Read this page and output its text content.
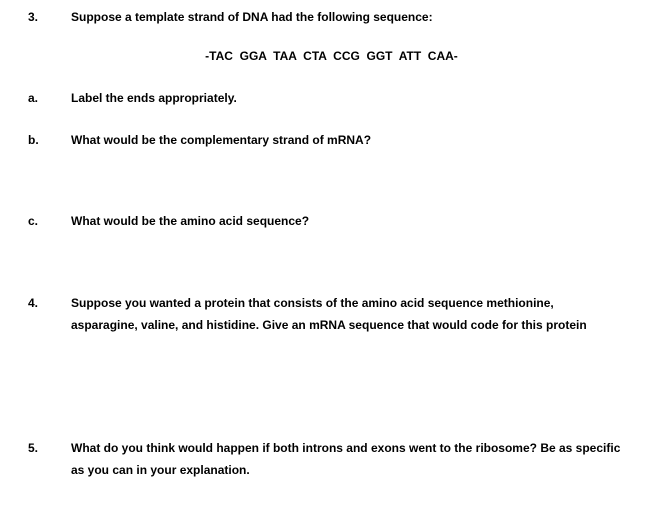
3.	Suppose a template strand of DNA had the following sequence:
-TAC  GGA  TAA  CTA  CCG  GGT  ATT  CAA-
a.	Label the ends appropriately.
b.	What would be the complementary strand of mRNA?
c.	What would be the amino acid sequence?
4.	Suppose you wanted a protein that consists of the amino acid sequence methionine, asparagine, valine, and histidine. Give an mRNA sequence that would code for this protein
5.	What do you think would happen if both introns and exons went to the ribosome? Be as specific as you can in your explanation.
